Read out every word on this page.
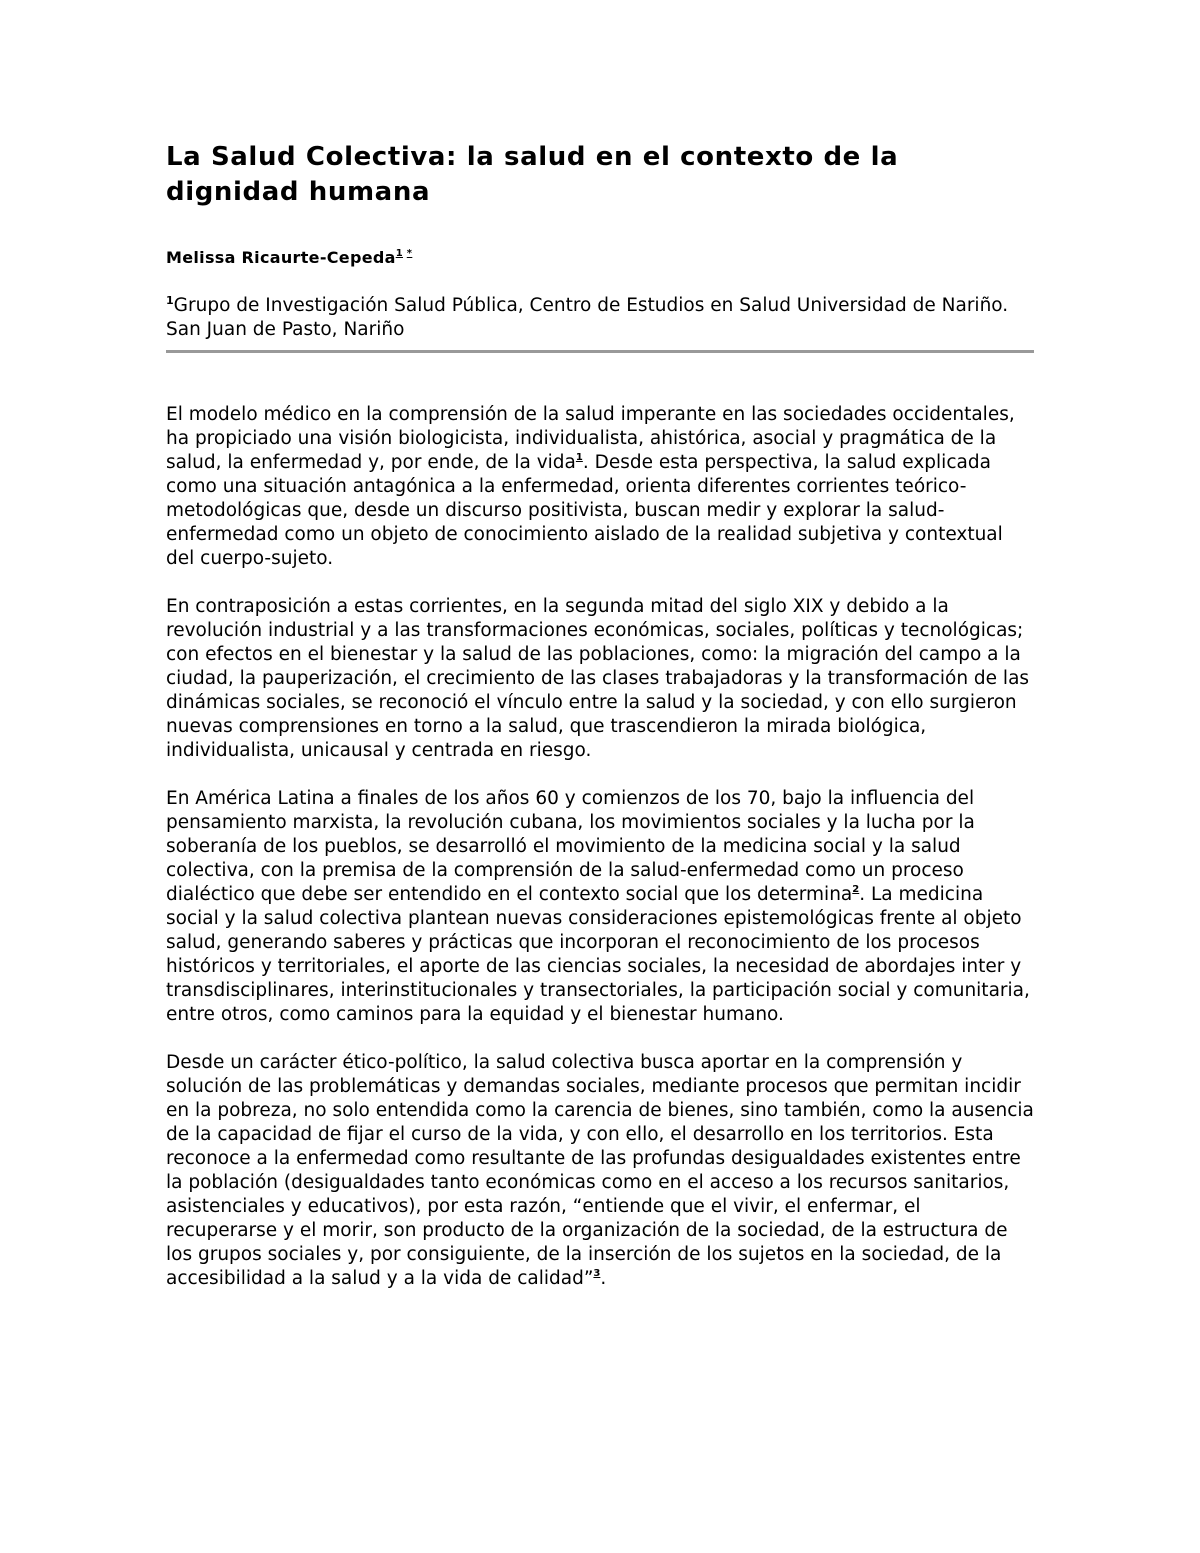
La Salud Colectiva: la salud en el contexto de la dignidad humana
Melissa Ricaurte-Cepeda$^{1 *}$
$^1$Grupo de Investigación Salud Pública, Centro de Estudios en Salud Universidad de Nariño. San Juan de Pasto, Nariño

El modelo médico en la comprensión de la salud imperante en las sociedades occidentales, ha propiciado una visión biologicista, individualista, ahistórica, asocial y pragmática de la salud, la enfermedad y, por ende, de la vida$^1$. Desde esta perspectiva, la salud explicada como una situación antagónica a la enfermedad, orienta diferentes corrientes teórico-metodológicas que, desde un discurso positivista, buscan medir y explorar la salud-enfermedad como un objeto de conocimiento aislado de la realidad subjetiva y contextual del cuerpo-sujeto.

En contraposición a estas corrientes, en la segunda mitad del siglo XIX y debido a la revolución industrial y a las transformaciones económicas, sociales, políticas y tecnológicas; con efectos en el bienestar y la salud de las poblaciones, como: la migración del campo a la ciudad, la pauperización, el crecimiento de las clases trabajadoras y la transformación de las dinámicas sociales, se reconoció el vínculo entre la salud y la sociedad, y con ello surgieron nuevas comprensiones en torno a la salud, que trascendieron la mirada biológica, individualista, unicausal y centrada en riesgo.

En América Latina a finales de los años 60 y comienzos de los 70, bajo la influencia del pensamiento marxista, la revolución cubana, los movimientos sociales y la lucha por la soberanía de los pueblos, se desarrolló el movimiento de la medicina social y la salud colectiva, con la premisa de la comprensión de la salud-enfermedad como un proceso dialéctico que debe ser entendido en el contexto social que los determina$^2$. La medicina social y la salud colectiva plantean nuevas consideraciones epistemológicas frente al objeto salud, generando saberes y prácticas que incorporan el reconocimiento de los procesos históricos y territoriales, el aporte de las ciencias sociales, la necesidad de abordajes inter y transdisciplinares, interinstitucionales y transectoriales, la participación social y comunitaria, entre otros, como caminos para la equidad y el bienestar humano.

Desde un carácter ético-político, la salud colectiva busca aportar en la comprensión y solución de las problemáticas y demandas sociales, mediante procesos que permitan incidir en la pobreza, no solo entendida como la carencia de bienes, sino también, como la ausencia de la capacidad de fijar el curso de la vida, y con ello, el desarrollo en los territorios. Esta reconoce a la enfermedad como resultante de las profundas desigualdades existentes entre la población (desigualdades tanto económicas como en el acceso a los recursos sanitarios, asistenciales y educativos), por esta razón, “entiende que el vivir, el enfermar, el recuperarse y el morir, son producto de la organización de la sociedad, de la estructura de los grupos sociales y, por consiguiente, de la inserción de los sujetos en la sociedad, de la accesibilidad a la salud y a la vida de calidad”$^3$.
